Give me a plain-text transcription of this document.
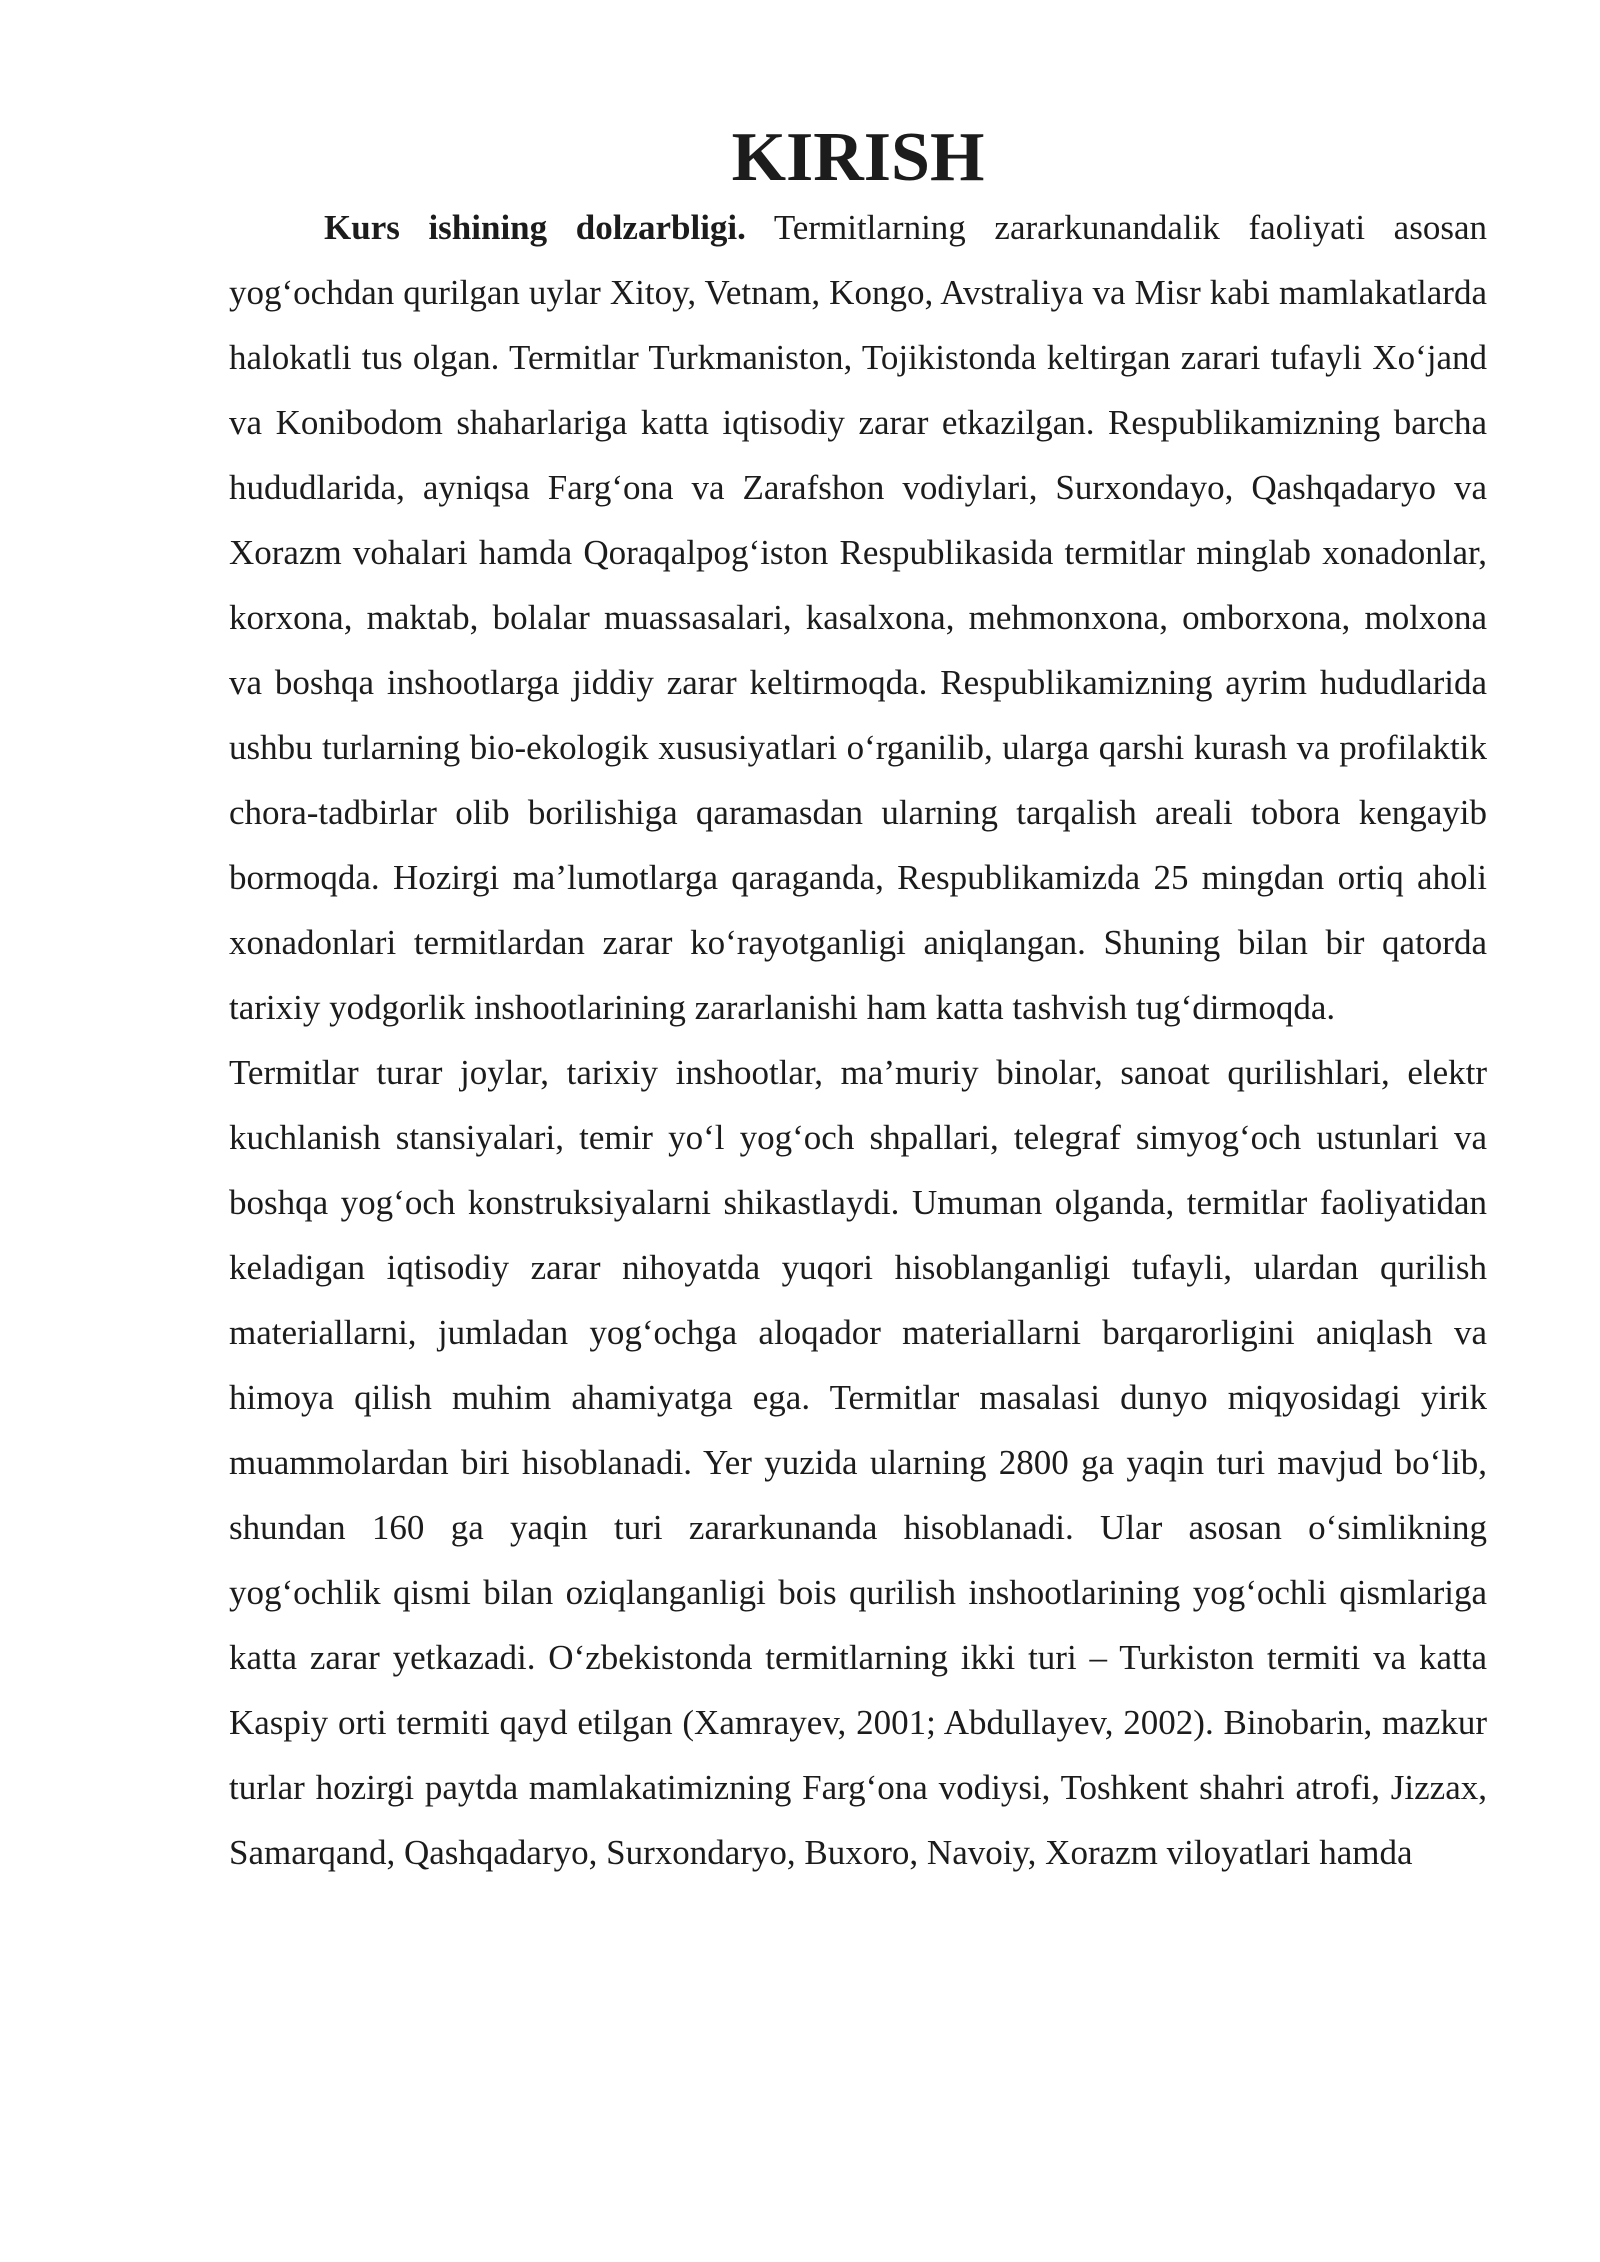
KIRISH

Kurs ishining dolzarbligi. Termitlarning zararkunandalik faoliyati asosan yog‘ochdan qurilgan uylar Xitoy, Vetnam, Kongo, Avstraliya va Misr kabi mamlakatlarda halokatli tus olgan. Termitlar Turkmaniston, Tojikistonda keltirgan zarari tufayli Xo‘jand va Konibodom shaharlariga katta iqtisodiy zarar etkazilgan. Respublikamizning barcha hududlarida, ayniqsa Farg‘ona va Zarafshon vodiylari, Surxondayo, Qashqadaryo va Xorazm vohalari hamda Qoraqalpog‘iston Respublikasida termitlar minglab xonadonlar, korxona, maktab, bolalar muassasalari, kasalxona, mehmonxona, omborxona, molxona va boshqa inshootlarga jiddiy zarar keltirmoqda. Respublikamizning ayrim hududlarida ushbu turlarning bio-ekologik xususiyatlari o‘rganilib, ularga qarshi kurash va profilaktik chora-tadbirlar olib borilishiga qaramasdan ularning tarqalish areali tobora kengayib bormoqda. Hozirgi ma’lumotlarga qaraganda, Respublikamizda 25 mingdan ortiq aholi xonadonlari termitlardan zarar ko‘rayotganligi aniqlangan. Shuning bilan bir qatorda tarixiy yodgorlik inshootlarining zararlanishi ham katta tashvish tug‘dirmoqda.

Termitlar turar joylar, tarixiy inshootlar, ma’muriy binolar, sanoat qurilishlari, elektr kuchlanish stansiyalari, temir yo‘l yog‘och shpallari, telegraf simyog‘och ustunlari va boshqa yog‘och konstruksiyalarni shikastlaydi. Umuman olganda, termitlar faoliyatidan keladigan iqtisodiy zarar nihoyatda yuqori hisoblanganligi tufayli, ulardan qurilish materiallarni, jumladan yog‘ochga aloqador materiallarni barqarorligini aniqlash va himoya qilish muhim ahamiyatga ega. Termitlar masalasi dunyo miqyosidagi yirik muammolardan biri hisoblanadi. Yer yuzida ularning 2800 ga yaqin turi mavjud bo‘lib, shundan 160 ga yaqin turi zararkunanda hisoblanadi. Ular asosan o‘simlikning yog‘ochlik qismi bilan oziqlanganligi bois qurilish inshootlarining yog‘ochli qismlariga katta zarar yetkazadi. O‘zbekistonda termitlarning ikki turi – Turkiston termiti va katta Kaspiy orti termiti qayd etilgan (Xamrayev, 2001; Abdullayev, 2002). Binobarin, mazkur turlar hozirgi paytda mamlakatimizning Farg‘ona vodiysi, Toshkent shahri atrofi, Jizzax, Samarqand, Qashqadaryo, Surxondaryo, Buxoro, Navoiy, Xorazm viloyatlari hamda
